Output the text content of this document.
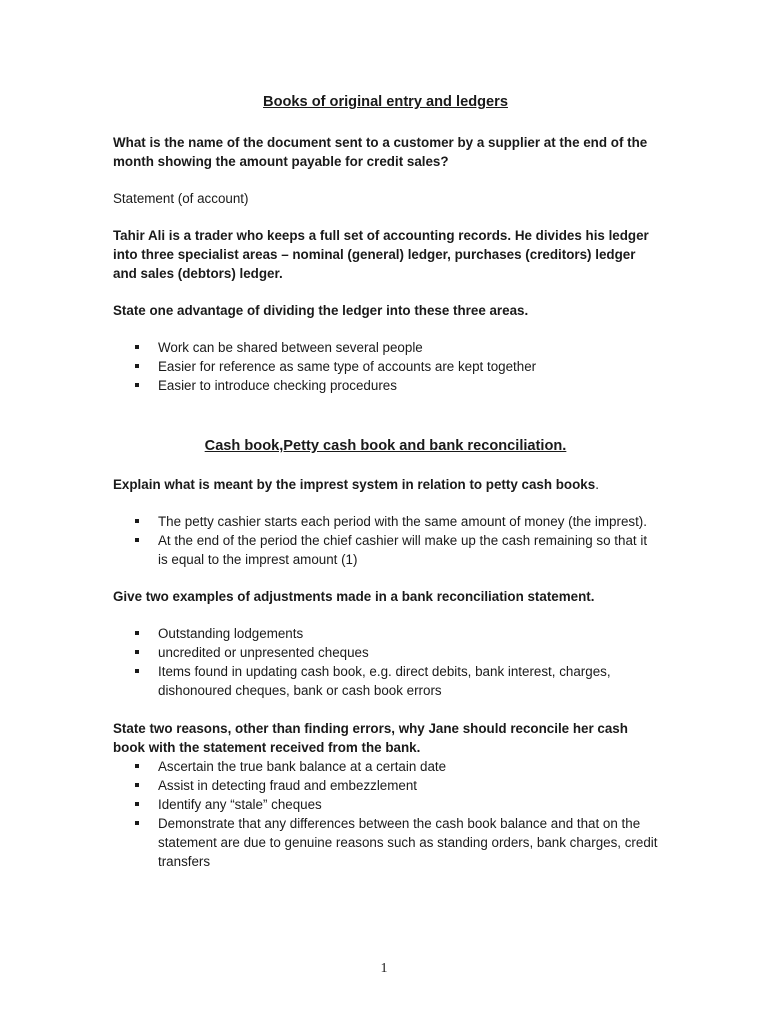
Books of original entry and ledgers

What is the name of the document sent to a customer by a supplier at the end of the month showing the amount payable for credit sales?

Statement (of account)

Tahir Ali is a trader who keeps a full set of accounting records. He divides his ledger into three specialist areas – nominal (general) ledger, purchases (creditors) ledger and sales (debtors) ledger.

State one advantage of dividing the ledger into these three areas.

Work can be shared between several people
Easier for reference as same type of accounts are kept together
Easier to introduce checking procedures
Cash book,Petty cash book and bank reconciliation.

Explain what is meant by the imprest system in relation to petty cash books.

The petty cashier starts each period with the same amount of money (the imprest).
At the end of the period the chief cashier will make up the cash remaining so that it is equal to the imprest amount (1)

Give two examples of adjustments made in a bank reconciliation statement.

Outstanding lodgements
uncredited or unpresented cheques
Items found in updating cash book, e.g. direct debits, bank interest, charges, dishonoured cheques, bank or cash book errors

State two reasons, other than finding errors, why Jane should reconcile her cash book with the statement received from the bank.

Ascertain the true bank balance at a certain date
Assist in detecting fraud and embezzlement
Identify any “stale” cheques
Demonstrate that any differences between the cash book balance and that on the statement are due to genuine reasons such as standing orders, bank charges, credit transfers
1
